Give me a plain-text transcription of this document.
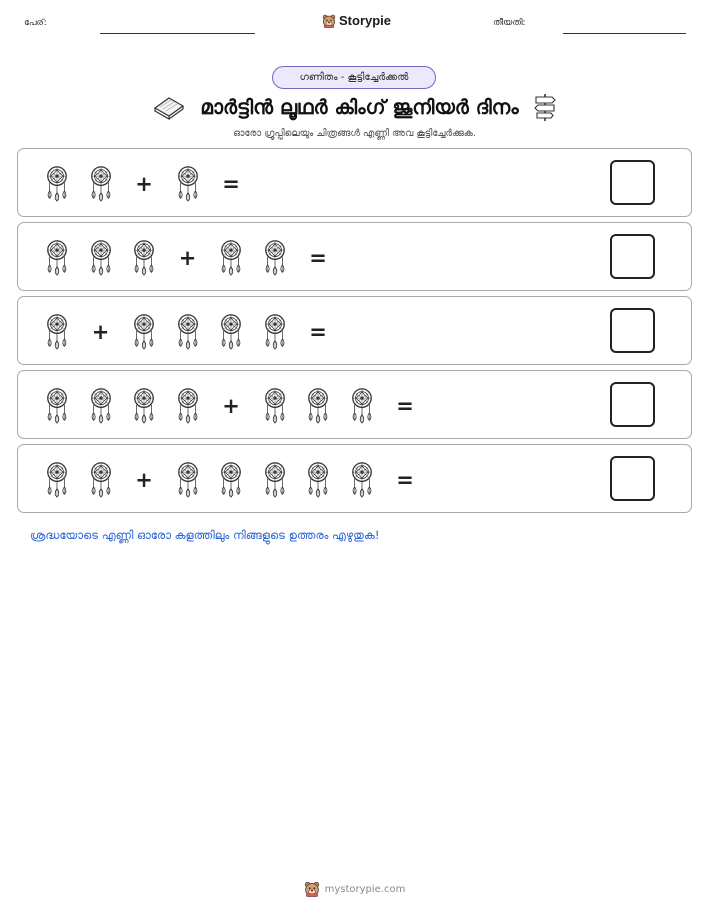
പേര്:	Storypie	തീയതി:
ഗണിതം - കൂട്ടിച്ചേർക്കൽ
മാർട്ടിൻ ലൂഥർ കിംഗ് ജൂനിയർ ദിനം
ഓരോ ഗ്രൂപ്പിലെയും ചിത്രങ്ങൾ എണ്ണി അവ കൂട്ടിച്ചേർക്കുക.
+	=
+	=
+	=
+	=
+	=
ശ്രദ്ധയോടെ എണ്ണി ഓരോ കളത്തിലും നിങ്ങളുടെ ഉത്തരം എഴുതുക!
mystorypie.com
